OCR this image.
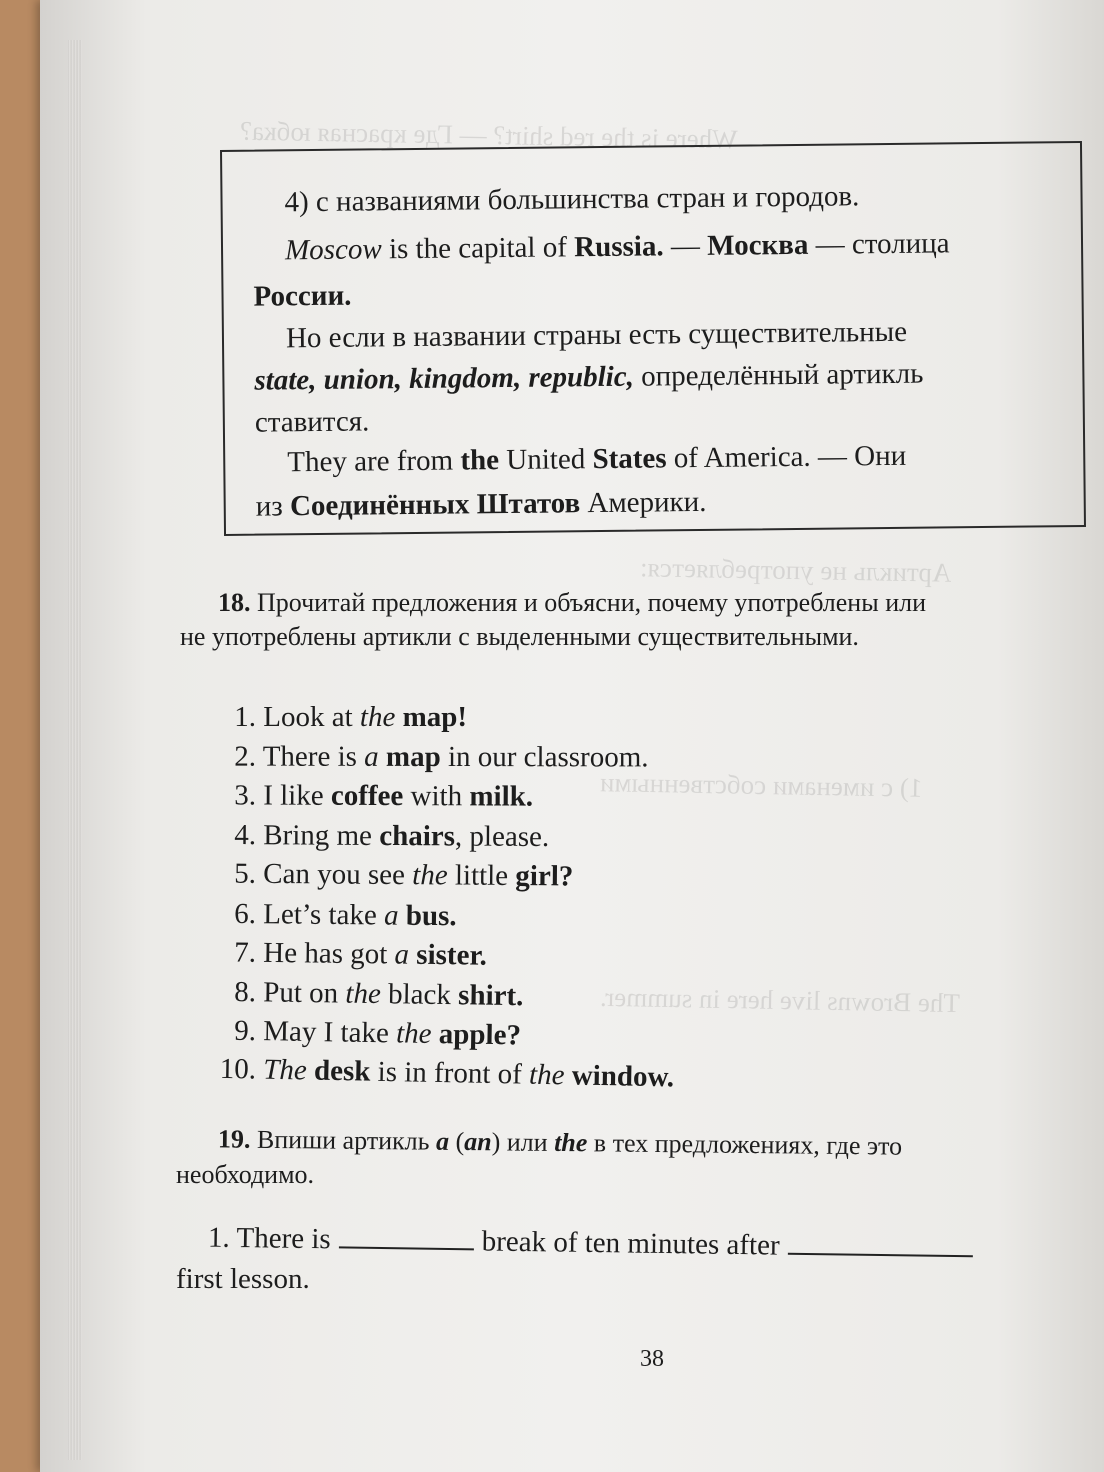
Where is the red shirt? — Где красная юбка?
Артикль не употребляется:
1) с именами собственными
The Browns live here in summer.
4) с названиями большинства стран и городов.
Moscow is the capital of Russia. — Москва — столица
России.
Но если в названии страны есть существительные
state, union, kingdom, republic, определённый артикль
ставится.
They are from the United States of America. — Они
из Соединённых Штатов Америки.
18. Прочитай предложения и объясни, почему употреблены или
не употреблены артикли с выделенными существительными.
19. Впиши артикль a (an) или the в тех предложениях, где это
необходимо.
1. There is	break of ten minutes after
first lesson.
38
1. Look at the map!
2. There is a map in our classroom.
3. I like coffee with milk.
4. Bring me chairs, please.
5. Can you see the little girl?
6. Let’s take a bus.
7. He has got a sister.
8. Put on the black shirt.
9. May I take the apple?
10. The desk is in front of the window.
